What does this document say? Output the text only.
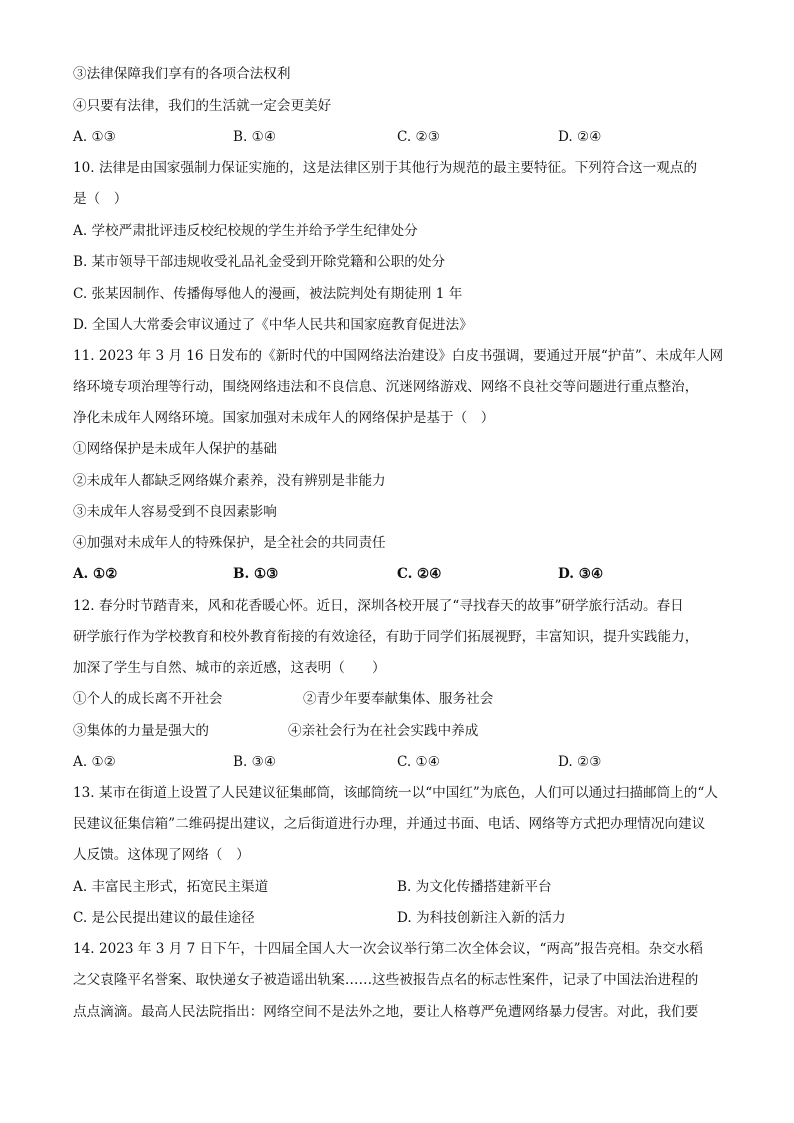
③法律保障我们享有的各项合法权利
④只要有法律，我们的生活就一定会更美好
A. ①③	B. ①④	C. ②③	D. ②④
10. 法律是由国家强制力保证实施的，这是法律区别于其他行为规范的最主要特征。下列符合这一观点的
是（　）
A. 学校严肃批评违反校纪校规的学生并给予学生纪律处分
B. 某市领导干部违规收受礼品礼金受到开除党籍和公职的处分
C. 张某因制作、传播侮辱他人的漫画，被法院判处有期徒刑 1 年
D. 全国人大常委会审议通过了《中华人民共和国家庭教育促进法》
11. 2023 年 3 月 16 日发布的《新时代的中国网络法治建设》白皮书强调，要通过开展“护苗”、未成年人网
络环境专项治理等行动，围绕网络违法和不良信息、沉迷网络游戏、网络不良社交等问题进行重点整治，
净化未成年人网络环境。国家加强对未成年人的网络保护是基于（　）
①网络保护是未成年人保护的基础
②未成年人都缺乏网络媒介素养，没有辨别是非能力
③未成年人容易受到不良因素影响
④加强对未成年人的特殊保护，是全社会的共同责任
A. ①②	B. ①③	C. ②④	D. ③④
12. 春分时节踏青来，风和花香暖心怀。近日，深圳各校开展了“寻找春天的故事”研学旅行活动。春日
研学旅行作为学校教育和校外教育衔接的有效途径，有助于同学们拓展视野，丰富知识，提升实践能力，
加深了学生与自然、城市的亲近感，这表明（　　）
①个人的成长离不开社会	②青少年要奉献集体、服务社会
③集体的力量是强大的	④亲社会行为在社会实践中养成
A. ①②	B. ③④	C. ①④	D. ②③
13. 某市在街道上设置了人民建议征集邮筒，该邮筒统一以“中国红”为底色，人们可以通过扫描邮筒上的“人
民建议征集信箱”二维码提出建议，之后街道进行办理，并通过书面、电话、网络等方式把办理情况向建议
人反馈。这体现了网络（　）
A. 丰富民主形式，拓宽民主渠道	B. 为文化传播搭建新平台
C. 是公民提出建议的最佳途径	D. 为科技创新注入新的活力
14. 2023 年 3 月 7 日下午，十四届全国人大一次会议举行第二次全体会议，“两高”报告亮相。杂交水稻
之父袁隆平名誉案、取快递女子被造谣出轨案……这些被报告点名的标志性案件，记录了中国法治进程的
点点滴滴。最高人民法院指出：网络空间不是法外之地，要让人格尊严免遭网络暴力侵害。对此，我们要
